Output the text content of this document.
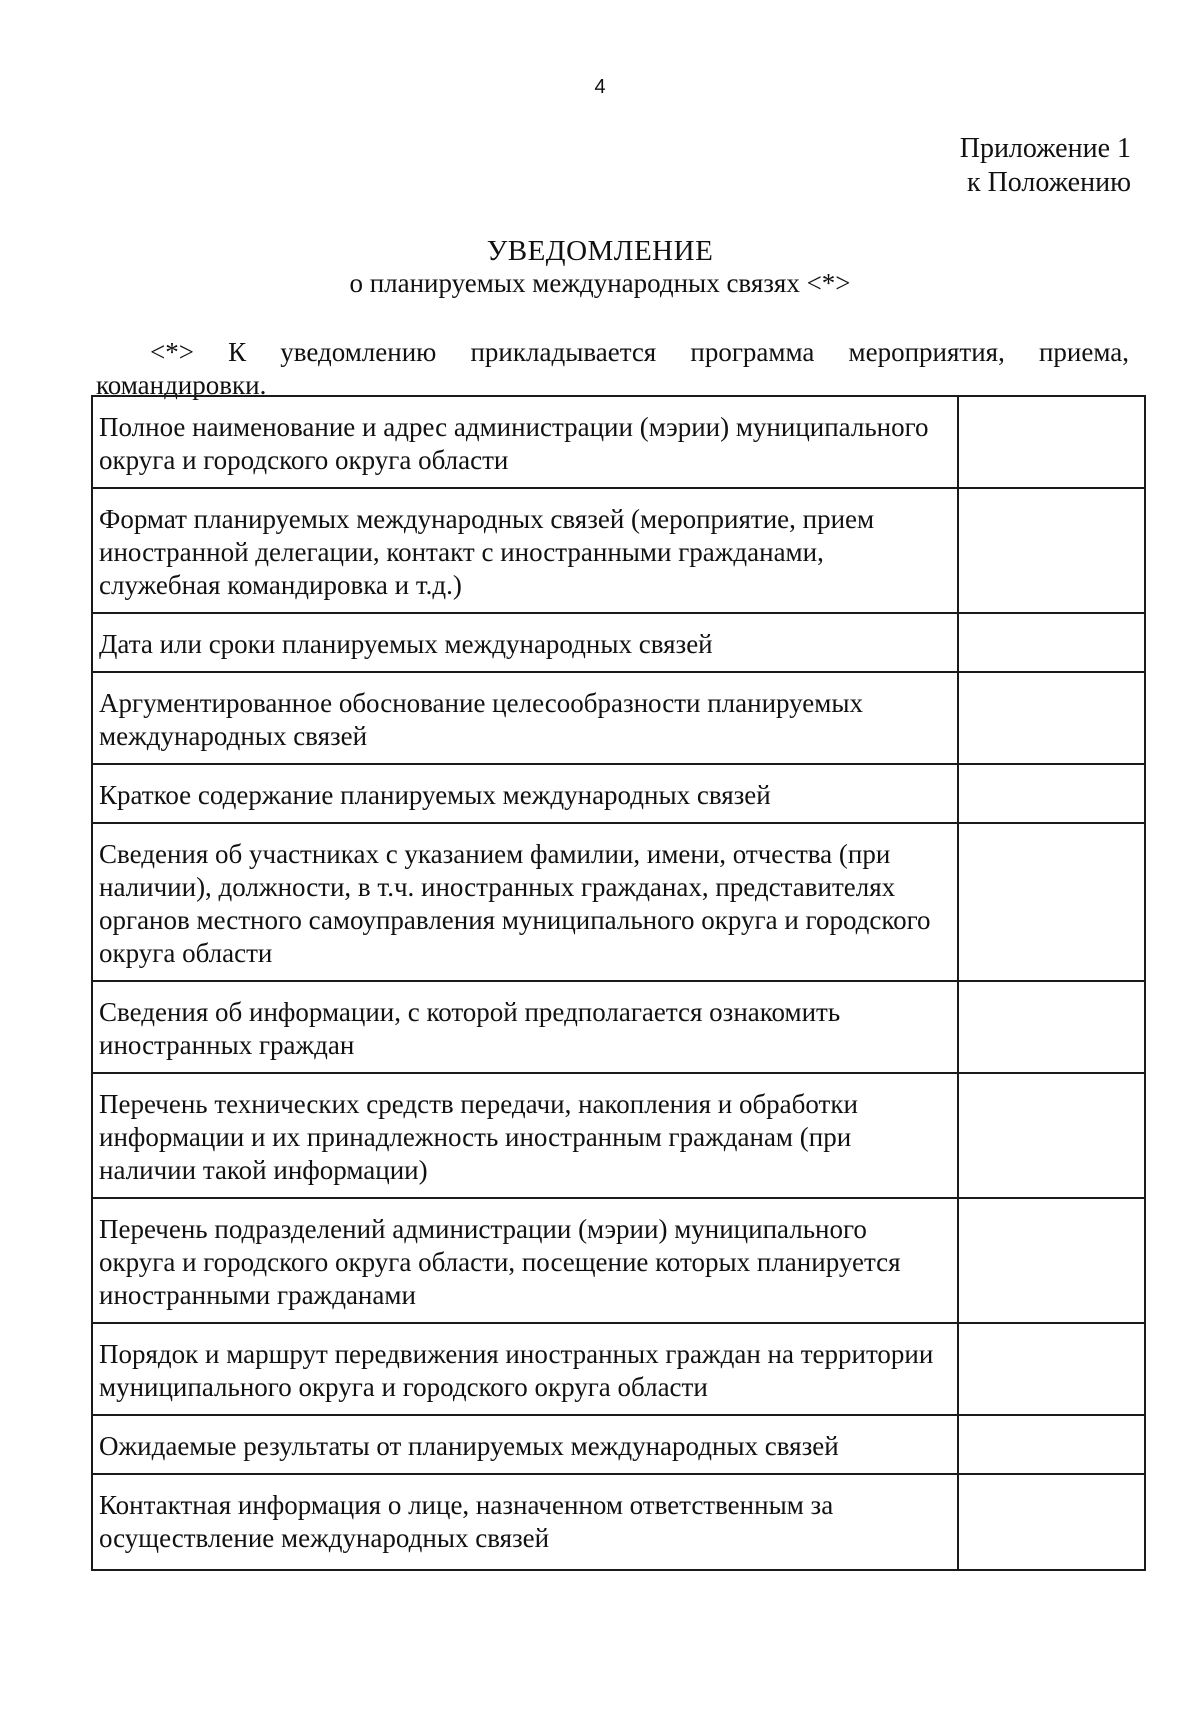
4
Приложение 1
к Положению
УВЕДОМЛЕНИЕ
о планируемых международных связях <*>
<*> К уведомлению прикладывается программа мероприятия, приема, командировки.
Полное наименование и адрес администрации (мэрии) муниципального округа и городского округа области	
Формат планируемых международных связей (мероприятие, прием иностранной делегации, контакт с иностранными гражданами, служебная командировка и т.д.)	
Дата или сроки планируемых международных связей	
Аргументированное обоснование целесообразности планируемых международных связей	
Краткое содержание планируемых международных связей	
Сведения об участниках с указанием фамилии, имени, отчества (при наличии), должности, в т.ч. иностранных гражданах, представителях органов местного самоуправления муниципального округа и городского округа области	
Сведения об информации, с которой предполагается ознакомить иностранных граждан	
Перечень технических средств передачи, накопления и обработки информации и их принадлежность иностранным гражданам (при наличии такой информации)	
Перечень подразделений администрации (мэрии) муниципального округа и городского округа области, посещение которых планируется иностранными гражданами	
Порядок и маршрут передвижения иностранных граждан на территории муниципального округа и городского округа области	
Ожидаемые результаты от планируемых международных связей	
Контактная информация о лице, назначенном ответственным за осуществление международных связей	
